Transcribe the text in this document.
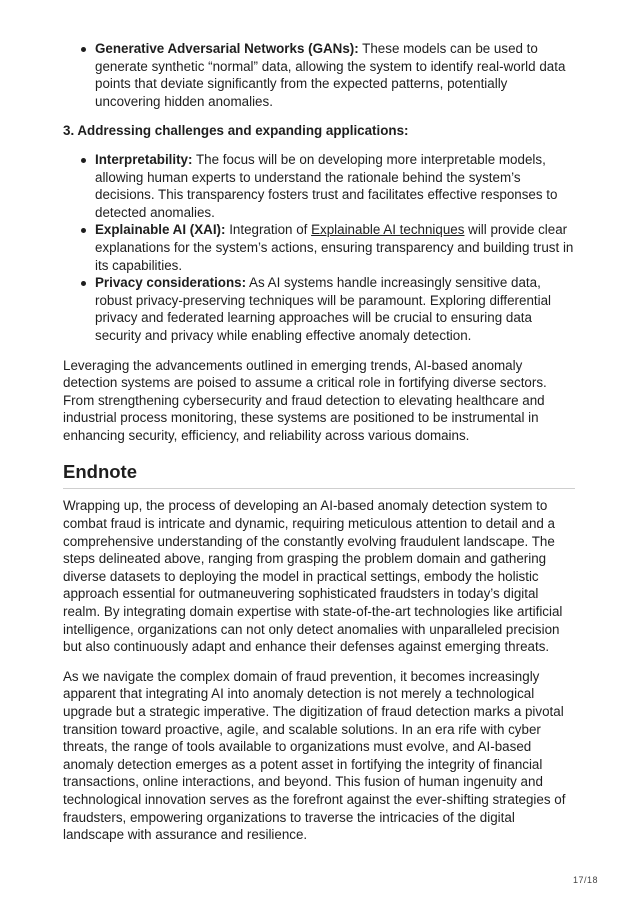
Generative Adversarial Networks (GANs): These models can be used to generate synthetic “normal” data, allowing the system to identify real-world data points that deviate significantly from the expected patterns, potentially uncovering hidden anomalies.
3. Addressing challenges and expanding applications:
Interpretability: The focus will be on developing more interpretable models, allowing human experts to understand the rationale behind the system’s decisions. This transparency fosters trust and facilitates effective responses to detected anomalies.
Explainable AI (XAI): Integration of Explainable AI techniques will provide clear explanations for the system’s actions, ensuring transparency and building trust in its capabilities.
Privacy considerations: As AI systems handle increasingly sensitive data, robust privacy-preserving techniques will be paramount. Exploring differential privacy and federated learning approaches will be crucial to ensuring data security and privacy while enabling effective anomaly detection.

Leveraging the advancements outlined in emerging trends, AI-based anomaly detection systems are poised to assume a critical role in fortifying diverse sectors. From strengthening cybersecurity and fraud detection to elevating healthcare and industrial process monitoring, these systems are positioned to be instrumental in enhancing security, efficiency, and reliability across various domains.

Endnote

Wrapping up, the process of developing an AI-based anomaly detection system to combat fraud is intricate and dynamic, requiring meticulous attention to detail and a comprehensive understanding of the constantly evolving fraudulent landscape. The steps delineated above, ranging from grasping the problem domain and gathering diverse datasets to deploying the model in practical settings, embody the holistic approach essential for outmaneuvering sophisticated fraudsters in today’s digital realm. By integrating domain expertise with state-of-the-art technologies like artificial intelligence, organizations can not only detect anomalies with unparalleled precision but also continuously adapt and enhance their defenses against emerging threats.

As we navigate the complex domain of fraud prevention, it becomes increasingly apparent that integrating AI into anomaly detection is not merely a technological upgrade but a strategic imperative. The digitization of fraud detection marks a pivotal transition toward proactive, agile, and scalable solutions. In an era rife with cyber threats, the range of tools available to organizations must evolve, and AI-based anomaly detection emerges as a potent asset in fortifying the integrity of financial transactions, online interactions, and beyond. This fusion of human ingenuity and technological innovation serves as the forefront against the ever-shifting strategies of fraudsters, empowering organizations to traverse the intricacies of the digital landscape with assurance and resilience.

17/18
